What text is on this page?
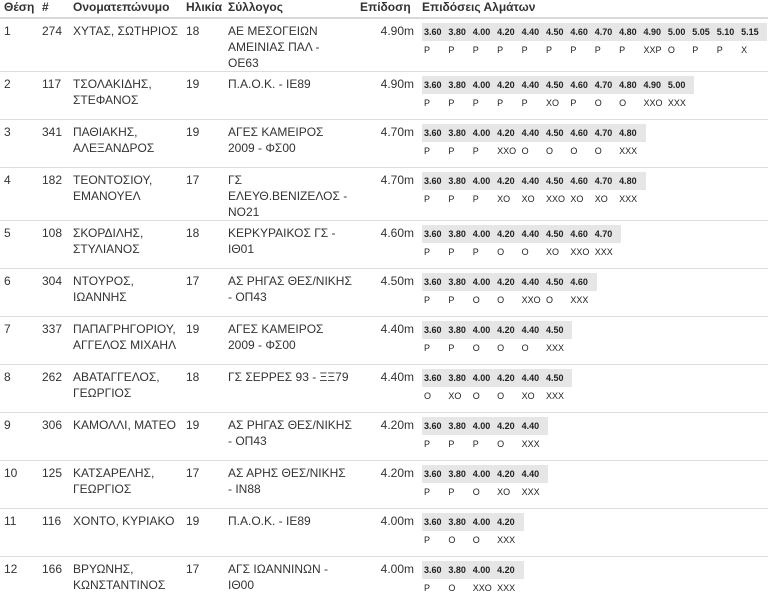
Θέση	#	Ονοματεπώνυμο	Ηλικία	Σύλλογος	Επίδοση	Επιδόσεις Αλμάτων
1	274	ΧΥΤΑΣ, ΣΩΤΗΡΙΟΣ	18	ΑΕ ΜΕΣΟΓΕΙΩΝ ΑΜΕΙΝΙΑΣ ΠΑΛ - ΟΕ63	4.90m	3.60 3.80 4.00 4.20 4.40 4.50 4.60 4.70 4.80 4.90 5.00 5.05 5.10 5.15
P P P P P P P P P XXP O P P X

2	117	ΤΣΟΛΑΚΙΔΗΣ, ΣΤΕΦΑΝΟΣ	19	Π.Α.Ο.Κ. - ΙΕ89	4.90m	3.60 3.80 4.00 4.20 4.40 4.50 4.60 4.70 4.80 4.90 5.00
P P P P P XO P O O XXO XXX

3	341	ΠΑΘΙΑΚΗΣ, ΑΛΕΞΑΝΔΡΟΣ	19	ΑΓΕΣ ΚΑΜΕΙΡΟΣ 2009 - ΦΣ00	4.70m	3.60 3.80 4.00 4.20 4.40 4.50 4.60 4.70 4.80
P P P XXO O O O O XXX

4	182	ΤΕΟΝΤΟΣΙΟΥ, ΕΜΑΝΟΥΕΛ	17	ΓΣ ΕΛΕΥΘ.ΒΕΝΙΖΕΛΟΣ - ΝΟ21	4.70m	3.60 3.80 4.00 4.20 4.40 4.50 4.60 4.70 4.80
P P P XO XO XXO XO XO XXX

5	108	ΣΚΟΡΔΙΛΗΣ, ΣΤΥΛΙΑΝΟΣ	18	ΚΕΡΚΥΡΑΙΚΟΣ ΓΣ - ΙΘ01	4.60m	3.60 3.80 4.00 4.20 4.40 4.50 4.60 4.70
P P P O O XO XXO XXX

6	304	ΝΤΟΥΡΟΣ, ΙΩΑΝΝΗΣ	17	ΑΣ ΡΗΓΑΣ ΘΕΣ/ΝΙΚΗΣ - ΟΠ43	4.50m	3.60 3.80 4.00 4.20 4.40 4.50 4.60
P P O O XXO O XXX

7	337	ΠΑΠΑΓΡΗΓΟΡΙΟΥ, ΑΓΓΕΛΟΣ ΜΙΧΑΗΛ	19	ΑΓΕΣ ΚΑΜΕΙΡΟΣ 2009 - ΦΣ00	4.40m	3.60 3.80 4.00 4.20 4.40 4.50
P P O O O XXX

8	262	ΑΒΑΤΑΓΓΕΛΟΣ, ΓΕΩΡΓΙΟΣ	18	ΓΣ ΣΕΡΡΕΣ 93 - ΞΞ79	4.40m	3.60 3.80 4.00 4.20 4.40 4.50
O XO O O XO XXX

9	306	ΚΑΜΟΛΛΙ, ΜΑΤΕΟ	19	ΑΣ ΡΗΓΑΣ ΘΕΣ/ΝΙΚΗΣ - ΟΠ43	4.20m	3.60 3.80 4.00 4.20 4.40
P P P O XXX

10	125	ΚΑΤΣΑΡΕΛΗΣ, ΓΕΩΡΓΙΟΣ	17	ΑΣ ΑΡΗΣ ΘΕΣ/ΝΙΚΗΣ - ΙΝ88	4.20m	3.60 3.80 4.00 4.20 4.40
P P O XO XXX

11	116	ΧΟΝΤΟ, ΚΥΡΙΑΚΟ	19	Π.Α.Ο.Κ. - ΙΕ89	4.00m	3.60 3.80 4.00 4.20
P O O XXX

12	166	ΒΡΥΩΝΗΣ, ΚΩΝΣΤΑΝΤΙΝΟΣ	17	ΑΓΣ ΙΩΑΝΝΙΝΩΝ - ΙΘ00	4.00m	3.60 3.80 4.00 4.20
P O XXO XXX
